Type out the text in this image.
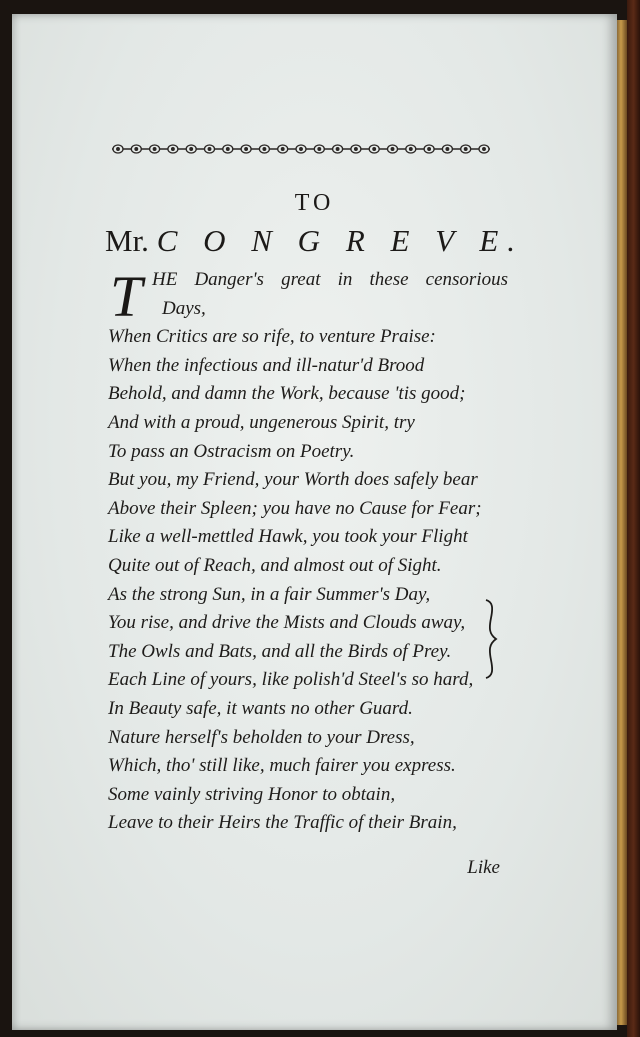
TO
Mr. C O N G R E V E.
T HE Danger's great in these censorious
Days,
When Critics are so rife, to venture Praise:
When the infectious and ill-natur'd Brood
Behold, and damn the Work, because 'tis good;
And with a proud, ungenerous Spirit, try
To pass an Ostracism on Poetry.
But you, my Friend, your Worth does safely bear
Above their Spleen; you have no Cause for Fear;
Like a well-mettled Hawk, you took your Flight
Quite out of Reach, and almost out of Sight.
As the strong Sun, in a fair Summer's Day,
You rise, and drive the Mists and Clouds away,
The Owls and Bats, and all the Birds of Prey.
Each Line of yours, like polish'd Steel's so hard,
In Beauty safe, it wants no other Guard.
Nature herself's beholden to your Dress,
Which, tho' still like, much fairer you express.
Some vainly striving Honor to obtain,
Leave to their Heirs the Traffic of their Brain,
Like
